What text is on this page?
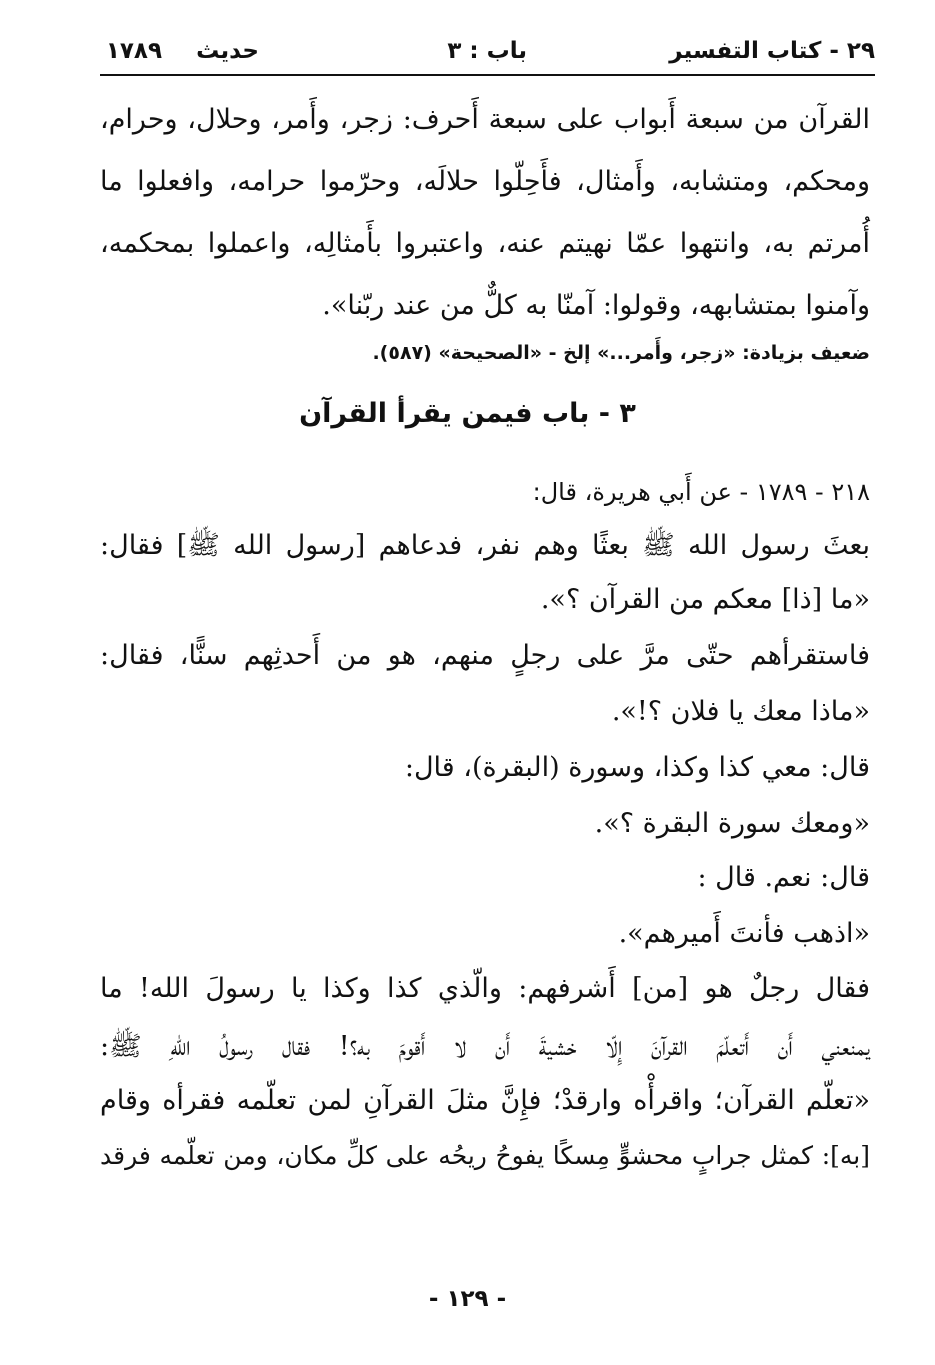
٢٩ - كتاب التفسير
باب : ٣
حديث
١٧٨٩
القرآن من سبعة أَبواب على سبعة أَحرف: زجر، وأَمر، وحلال، وحرام،
ومحكم، ومتشابه، وأَمثال، فأَحِلّوا حلالَه، وحرّموا حرامه، وافعلوا ما
أُمرتم به، وانتهوا عمّا نهيتم عنه، واعتبروا بأَمثالِه، واعملوا بمحكمه،
وآمنوا بمتشابهه، وقولوا: آمنّا به كلٌّ من عند ربّنا».
ضعيف بزيادة: «زجر، وأَمر...» إلخ - «الصحيحة» (٥٨٧).
٣ - باب فيمن يقرأ القرآن
٢١٨ - ١٧٨٩ - عن أَبي هريرة، قال:
بعثَ رسول الله ﷺ بعثًا وهم نفر، فدعاهم [رسول الله ﷺ] فقال:
«ما [ذا] معكم من القرآن ؟».
فاستقرأهم حتّى مرَّ على رجلٍ منهم، هو من أَحدثِهم سنًّا، فقال:
«ماذا معك يا فلان ؟!».
قال: معي كذا وكذا، وسورة (البقرة)، قال:
«ومعك سورة البقرة ؟».
قال: نعم. قال :
«اذهب فأنتَ أَميرهم».
فقال رجلٌ هو [من] أَشرفهم: والّذي كذا وكذا يا رسولَ الله! ما
يمنعني أَن أَتعلّمَ القرآنَ إِلّا خشيةَ أَن لا أَقومَ به؟! فقال رسولُ اللهِ ﷺ:
«تعلّم القرآن؛ واقرأْه وارقدْ؛ فإِنَّ مثلَ القرآنِ لمن تعلّمه فقرأه وقام
[به]: كمثل جرابٍ محشوٍّ مِسكًا يفوحُ ريحُه على كلِّ مكان، ومن تعلّمه فرقد
- ١٢٩ -
